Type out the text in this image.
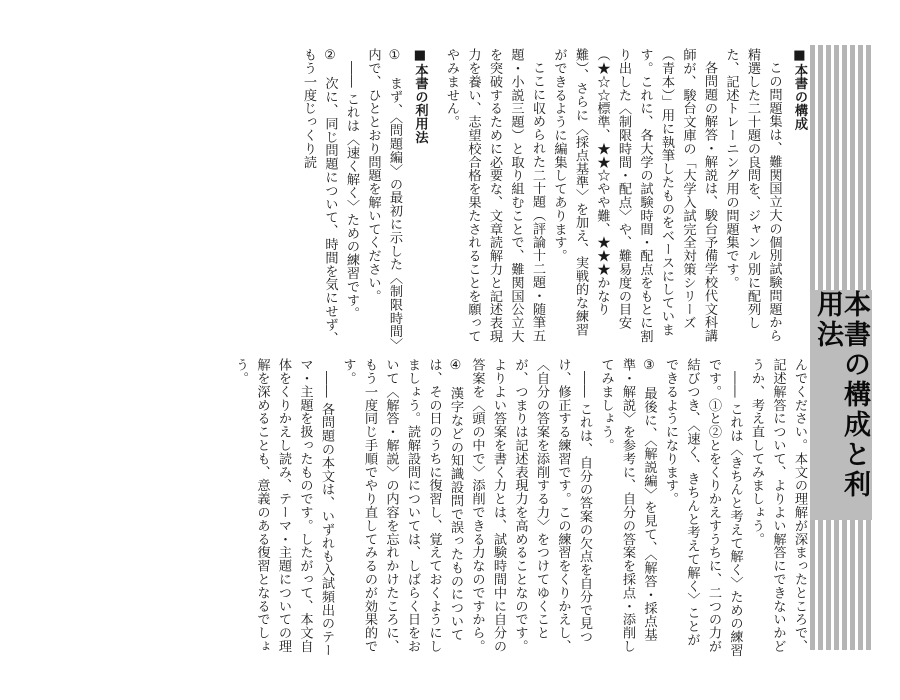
本書の構成と利用法

■本書の構成

この問題集は、難関国立大の個別試験問題から精選した二十題の良問を、ジャンル別に配列した、記述トレーニング用の問題集です。

各問題の解答・解説は、駿台予備学校代文科講師が、駿台文庫の「大学入試完全対策シリーズ（青本）」用に執筆したものをベースにしています。これに、各大学の試験時間・配点をもとに割り出した〈制限時間・配点〉や、難易度の目安（★☆☆標準、★★☆やや難、★★★かなり難）、さらに〈採点基準〉を加え、実戦的な練習ができるように編集してあります。

ここに収められた二十題（評論十二題・随筆五題・小説三題）と取り組むことで、難関国公立大を突破するために必要な、文章読解力と記述表現力を養い、志望校合格を果たされることを願ってやみません。

■本書の利用法

①　まず、〈問題編〉の最初に示した〈制限時間〉内で、ひととおり問題を解いてください。

―― これは〈速く解く〉ための練習です。

②　次に、同じ問題について、時間を気にせず、もう一度じっくり読

んでください。本文の理解が深まったところで、記述解答について、よりよい解答にできないかどうか、考え直してみましょう。

―― これは〈きちんと考えて解く〉ための練習です。①と②とをくりかえすうちに、二つの力が結びつき、〈速く、きちんと考えて解く〉ことができるようになります。

③　最後に、〈解説編〉を見て、〈解答・採点基準・解説〉を参考に、自分の答案を採点・添削してみましょう。

―― これは、自分の答案の欠点を自分で見つけ、修正する練習です。この練習をくりかえし、〈自分の答案を添削する力〉をつけてゆくことが、つまりは記述表現力を高めることなのです。よりよい答案を書く力とは、試験時間中に自分の答案を〈頭の中で〉添削できる力なのですから。

④　漢字などの知識設問で誤ったものについては、その日のうちに復習し、覚えておくようにしましょう。読解設問については、しばらく日をおいて〈解答・解説〉の内容を忘れかけたころに、もう一度同じ手順でやり直してみるのが効果的です。

―― 各問題の本文は、いずれも入試頻出のテーマ・主題を扱ったものです。したがって、本文自体をくりかえし読み、テーマ・主題についての理解を深めることも、意義のある復習となるでしょう。
